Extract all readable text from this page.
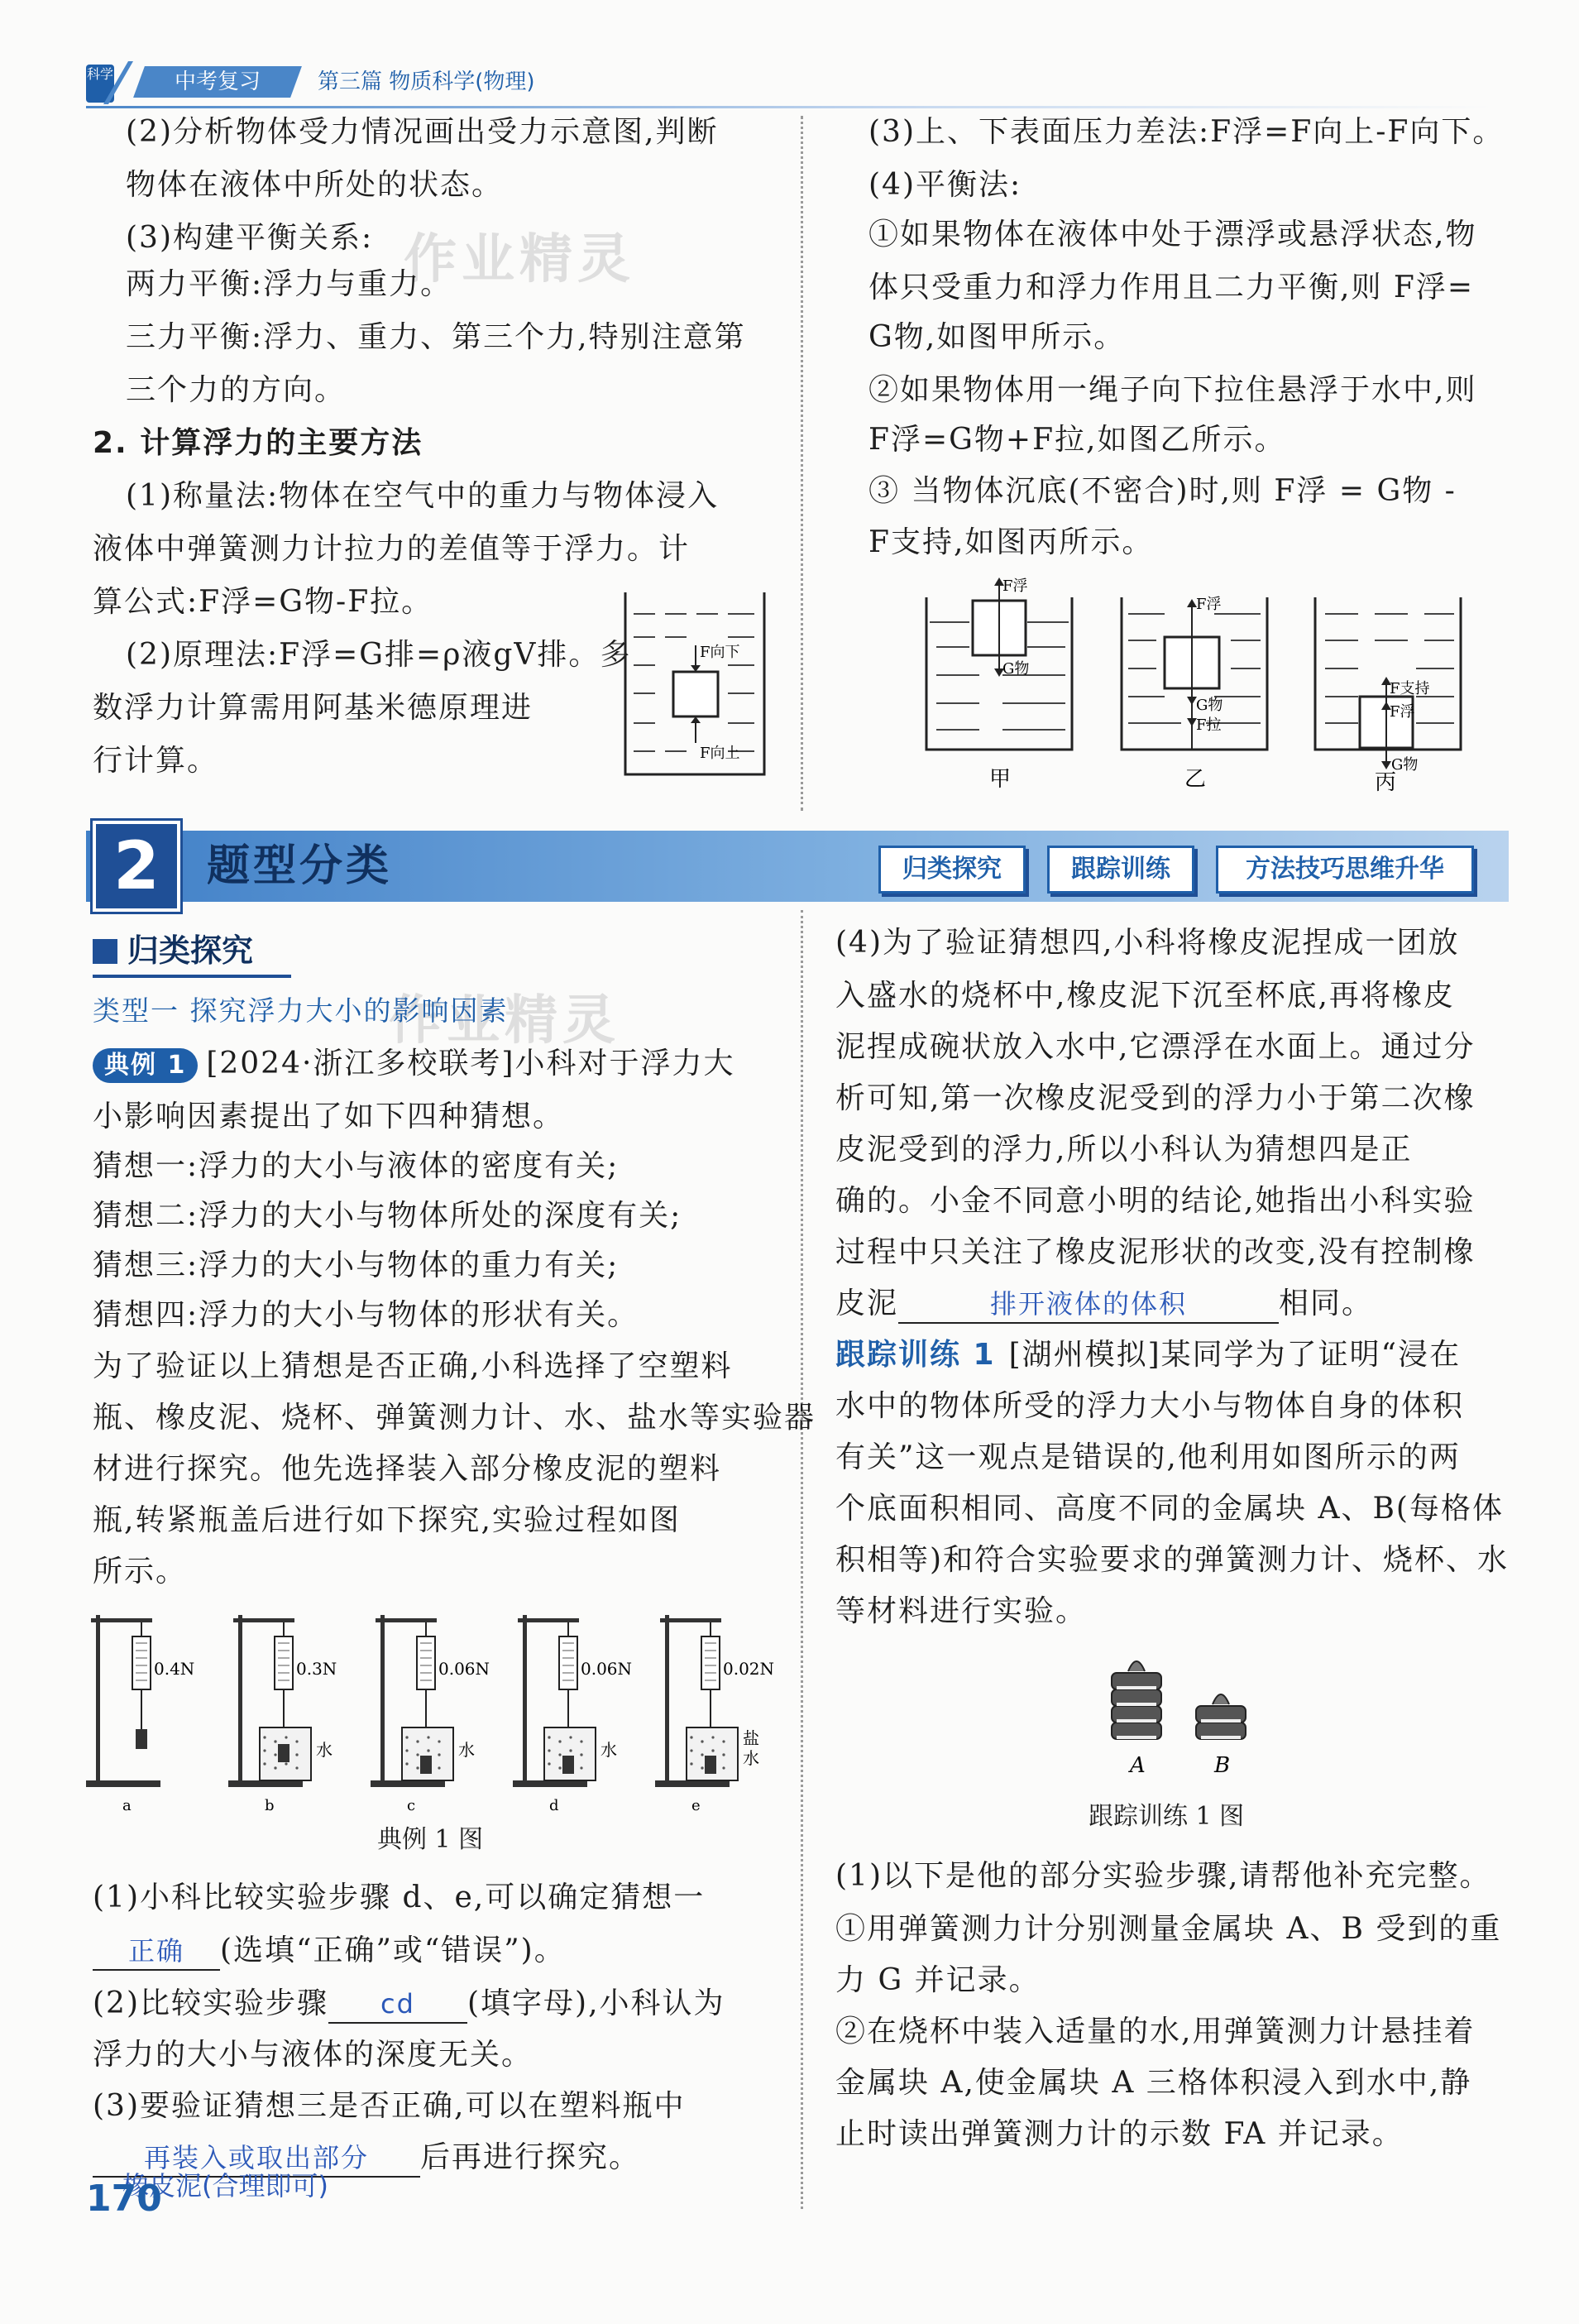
科学	中考复习	第三篇 物质科学(物理)
作业精灵
作业精灵
(2)分析物体受力情况画出受力示意图,判断
物体在液体中所处的状态。
(3)构建平衡关系:
两力平衡:浮力与重力。
三力平衡:浮力、重力、第三个力,特别注意第
三个力的方向。
2. 计算浮力的主要方法
(1)称量法:物体在空气中的重力与物体浸入
液体中弹簧测力计拉力的差值等于浮力。计
算公式:F浮=G物-F拉。
(2)原理法:F浮=G排=ρ液gV排。多
数浮力计算需用阿基米德原理进
行计算。
F向下
F向上
(3)上、下表面压力差法:F浮=F向上-F向下。
(4)平衡法:
①如果物体在液体中处于漂浮或悬浮状态,物
体只受重力和浮力作用且二力平衡,则 F浮=
G物,如图甲所示。
②如果物体用一绳子向下拉住悬浮于水中,则
F浮=G物+F拉,如图乙所示。
③ 当物体沉底(不密合)时,则 F浮 = G物 -
F支持,如图丙所示。
F浮
G物
甲
F浮
G物
F拉
乙
F支持
F浮
G物
丙
2	题型分类	归类探究	跟踪训练	方法技巧思维升华
归类探究
类型一 探究浮力大小的影响因素
典例 1 [2024·浙江多校联考]小科对于浮力大
小影响因素提出了如下四种猜想。
猜想一:浮力的大小与液体的密度有关;
猜想二:浮力的大小与物体所处的深度有关;
猜想三:浮力的大小与物体的重力有关;
猜想四:浮力的大小与物体的形状有关。
为了验证以上猜想是否正确,小科选择了空塑料
瓶、橡皮泥、烧杯、弹簧测力计、水、盐水等实验器
材进行探究。他先选择装入部分橡皮泥的塑料
瓶,转紧瓶盖后进行如下探究,实验过程如图
所示。
0.4N
a
0.3N
水
b
0.06N
水
c
0.06N
水
d
0.02N
盐
水
e
典例 1 图
(1)小科比较实验步骤 d、e,可以确定猜想一
正确 (选填“正确”或“错误”)。
(2)比较实验步骤 cd (填字母),小科认为
浮力的大小与液体的深度无关。
(3)要验证猜想三是否正确,可以在塑料瓶中
再装入或取出部分 后再进行探究。
橡皮泥(合理即可)
170
(4)为了验证猜想四,小科将橡皮泥捏成一团放
入盛水的烧杯中,橡皮泥下沉至杯底,再将橡皮
泥捏成碗状放入水中,它漂浮在水面上。通过分
析可知,第一次橡皮泥受到的浮力小于第二次橡
皮泥受到的浮力,所以小科认为猜想四是正
确的。小金不同意小明的结论,她指出小科实验
过程中只关注了橡皮泥形状的改变,没有控制橡
皮泥	排开液体的体积	相同。
跟踪训练 1 [湖州模拟]某同学为了证明“浸在
水中的物体所受的浮力大小与物体自身的体积
有关”这一观点是错误的,他利用如图所示的两
个底面积相同、高度不同的金属块 A、B(每格体
积相等)和符合实验要求的弹簧测力计、烧杯、水
等材料进行实验。
A	B
跟踪训练 1 图
(1)以下是他的部分实验步骤,请帮他补充完整。
①用弹簧测力计分别测量金属块 A、B 受到的重
力 G 并记录。
②在烧杯中装入适量的水,用弹簧测力计悬挂着
金属块 A,使金属块 A 三格体积浸入到水中,静
止时读出弹簧测力计的示数 FA 并记录。
